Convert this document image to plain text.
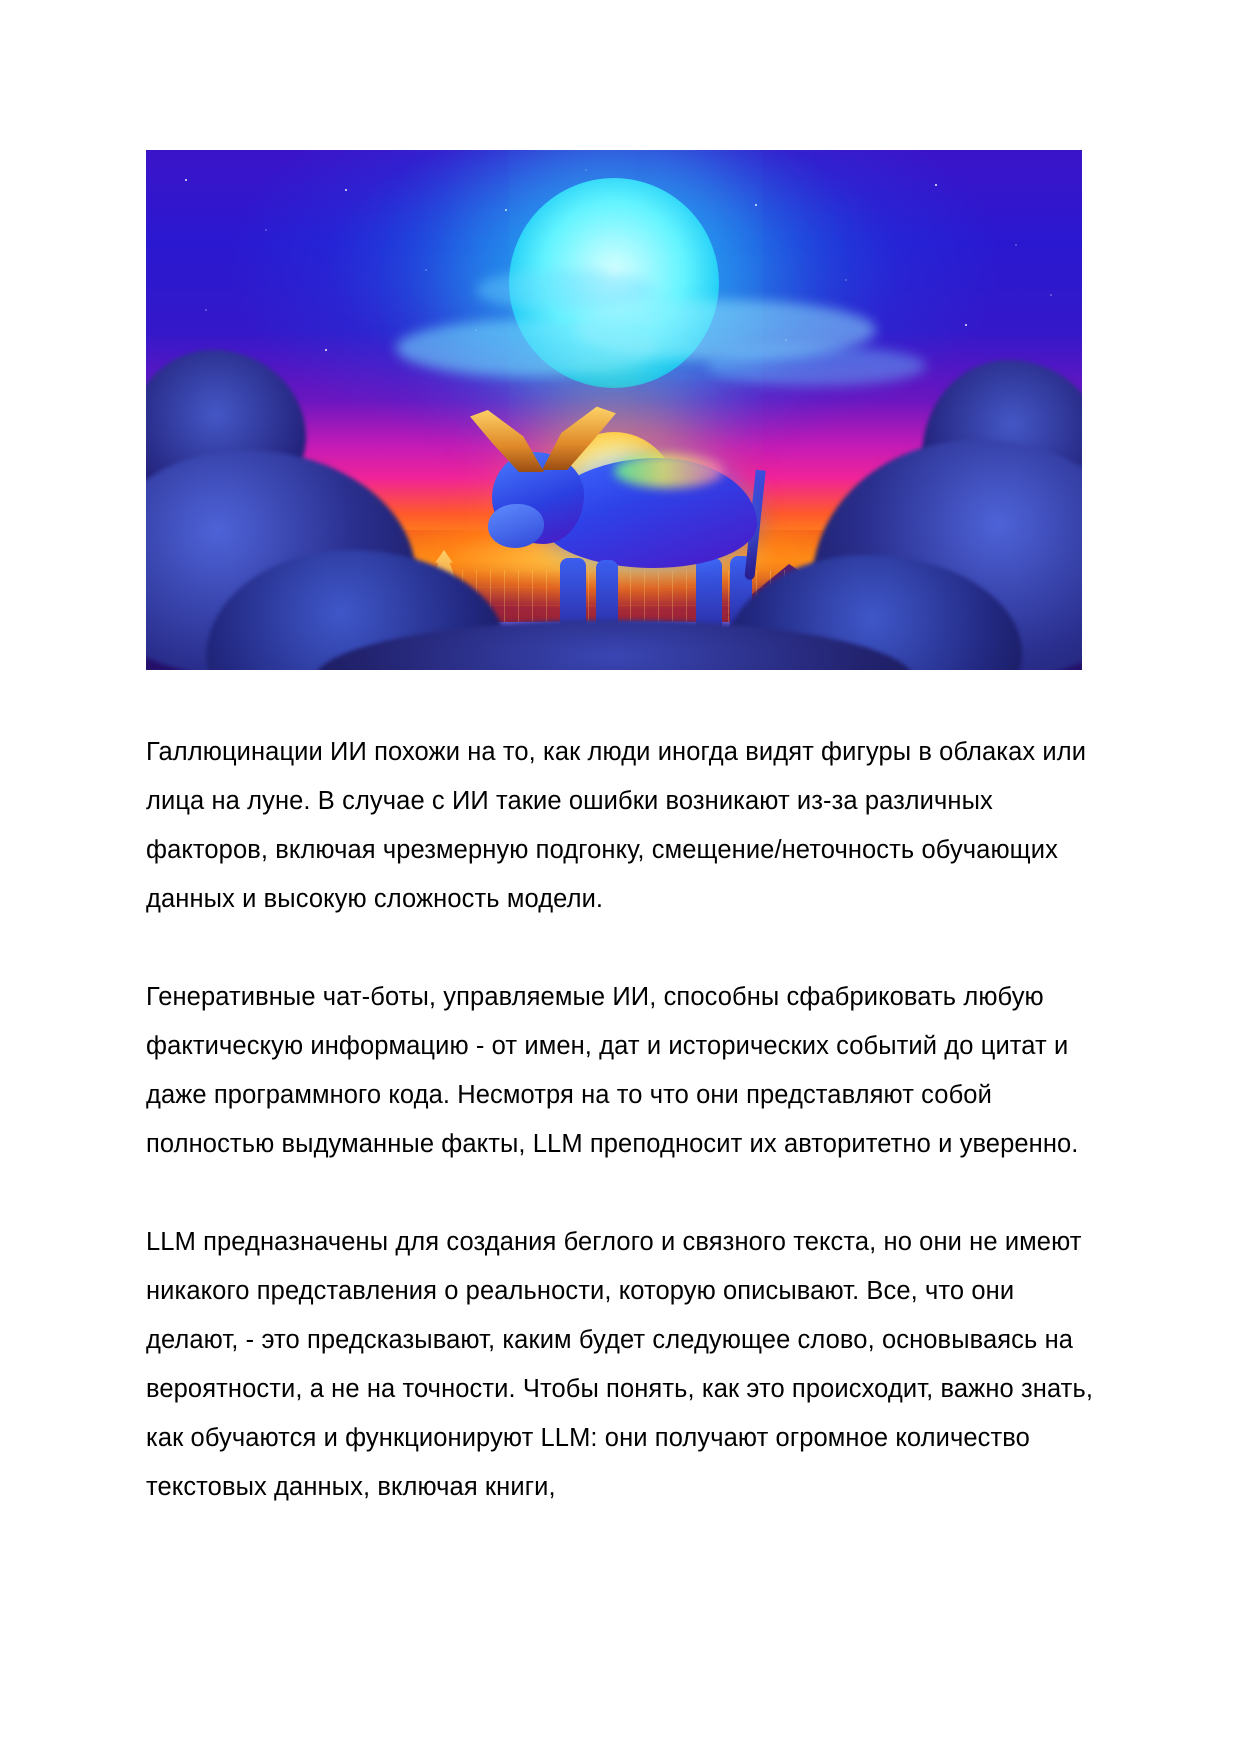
Галлюцинации ИИ похожи на то, как люди иногда видят фигуры в облаках или лица на луне. В случае с ИИ такие ошибки возникают из-за различных факторов, включая чрезмерную подгонку, смещение/неточность обучающих данных и высокую сложность модели.

Генеративные чат-боты, управляемые ИИ, способны сфабриковать любую фактическую информацию - от имен, дат и исторических событий до цитат и даже программного кода. Несмотря на то что они представляют собой полностью выдуманные факты, LLM преподносит их авторитетно и уверенно.

LLM предназначены для создания беглого и связного текста, но они не имеют никакого представления о реальности, которую описывают. Все, что они делают, - это предсказывают, каким будет следующее слово, основываясь на вероятности, а не на точности. Чтобы понять, как это происходит, важно знать, как обучаются и функционируют LLM: они получают огромное количество текстовых данных, включая книги,
